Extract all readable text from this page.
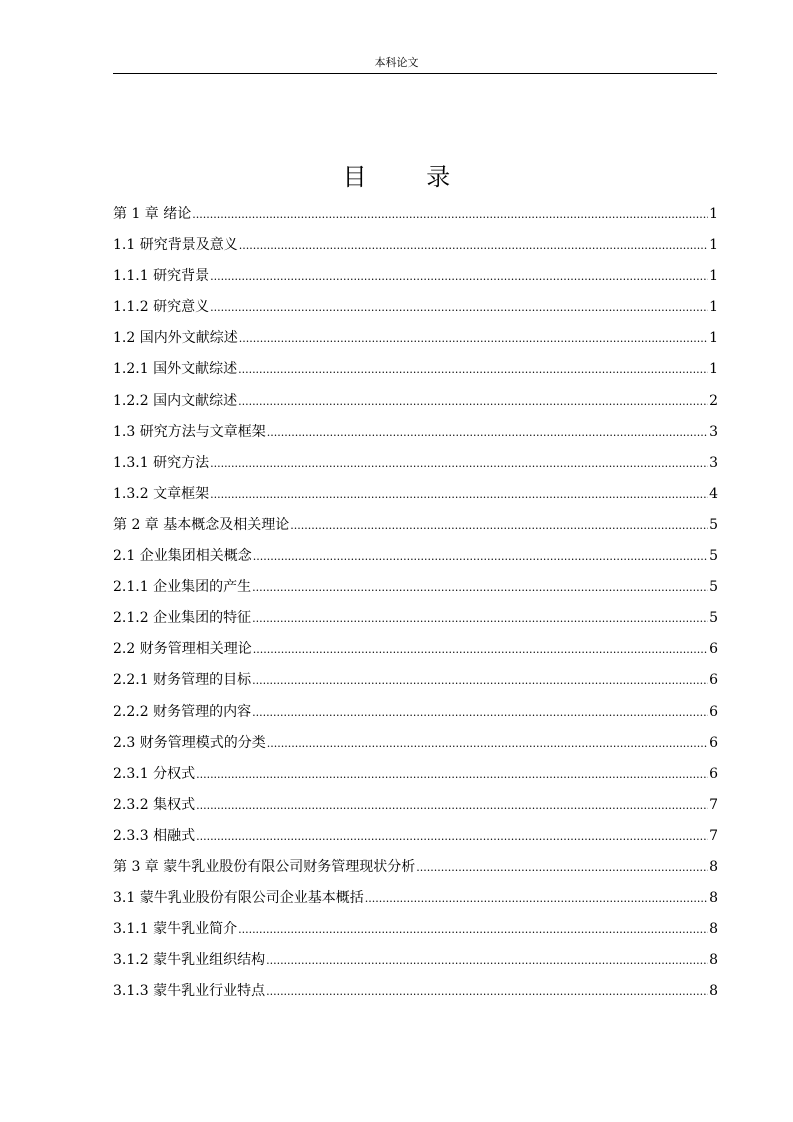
本科论文
目 录
第 1 章 绪论 .....	1
1.1 研究背景及意义 .....	1
1.1.1 研究背景 .....	1
1.1.2 研究意义 .....	1
1.2 国内外文献综述 .....	1
1.2.1 国外文献综述 .....	1
1.2.2 国内文献综述 .....	2
1.3 研究方法与文章框架 .....	3
1.3.1 研究方法 .....	3
1.3.2 文章框架 .....	4
第 2 章 基本概念及相关理论 .....	5
2.1 企业集团相关概念 .....	5
2.1.1 企业集团的产生 .....	5
2.1.2 企业集团的特征 .....	5
2.2 财务管理相关理论 .....	6
2.2.1 财务管理的目标 .....	6
2.2.2 财务管理的内容 .....	6
2.3 财务管理模式的分类 .....	6
2.3.1 分权式 .....	6
2.3.2 集权式 .....	7
2.3.3 相融式 .....	7
第 3 章 蒙牛乳业股份有限公司财务管理现状分析 .....	8
3.1 蒙牛乳业股份有限公司企业基本概括 .....	8
3.1.1 蒙牛乳业简介 .....	8
3.1.2 蒙牛乳业组织结构 .....	8
3.1.3 蒙牛乳业行业特点 .....	8
